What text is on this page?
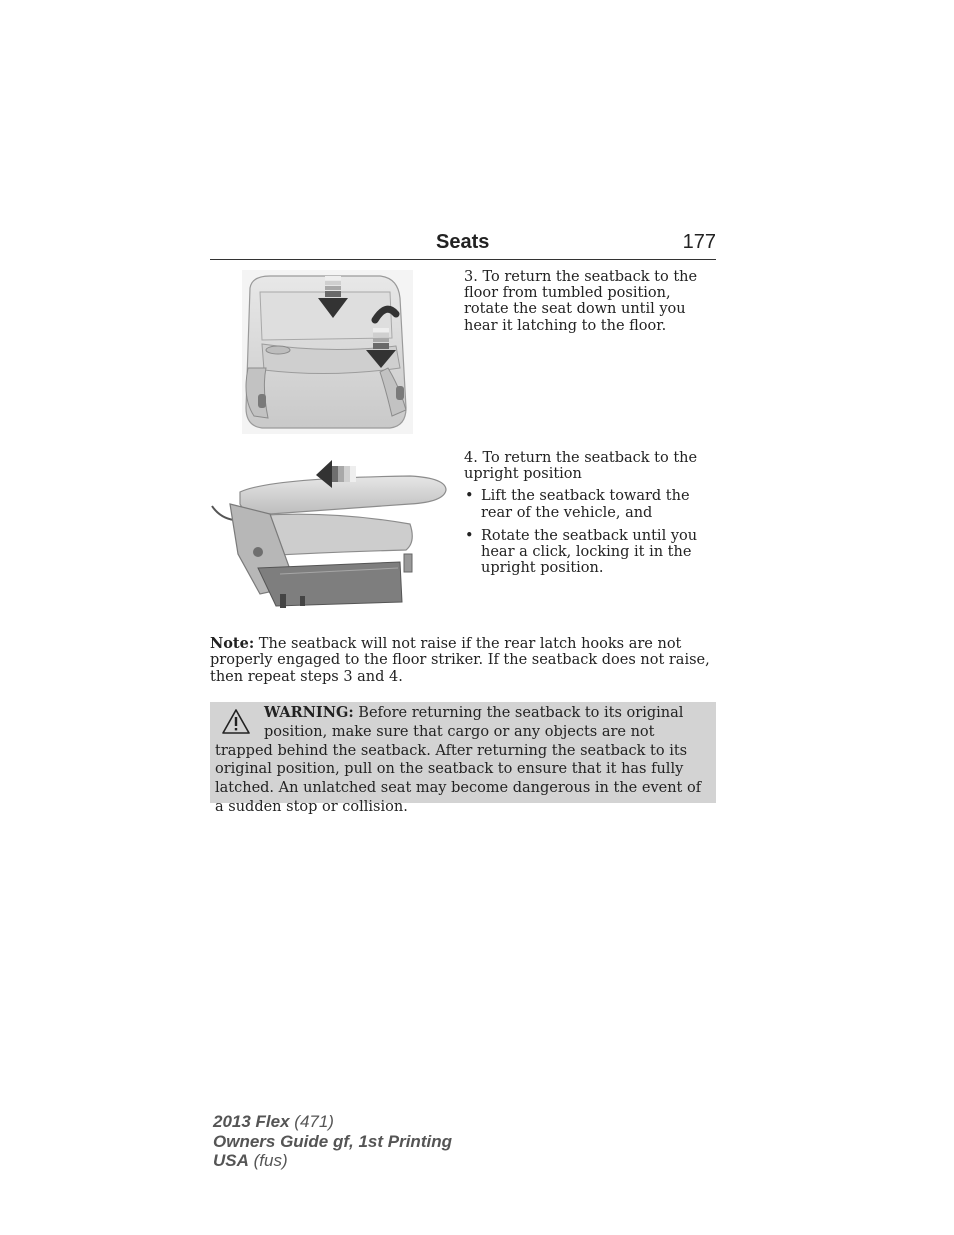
Seats	177
3. To return the seatback to the floor from tumbled position, rotate the seat down until you hear it latching to the floor.
4. To return the seatback to the upright position
• Lift the seatback toward the rear of the vehicle, and
• Rotate the seatback until you hear a click, locking it in the upright position.
Note: The seatback will not raise if the rear latch hooks are not properly engaged to the floor striker. If the seatback does not raise, then repeat steps 3 and 4.
WARNING: Before returning the seatback to its original position, make sure that cargo or any objects are not trapped behind the seatback. After returning the seatback to its original position, pull on the seatback to ensure that it has fully latched. An unlatched seat may become dangerous in the event of a sudden stop or collision.
2013 Flex (471)
Owners Guide gf, 1st Printing
USA (fus)
